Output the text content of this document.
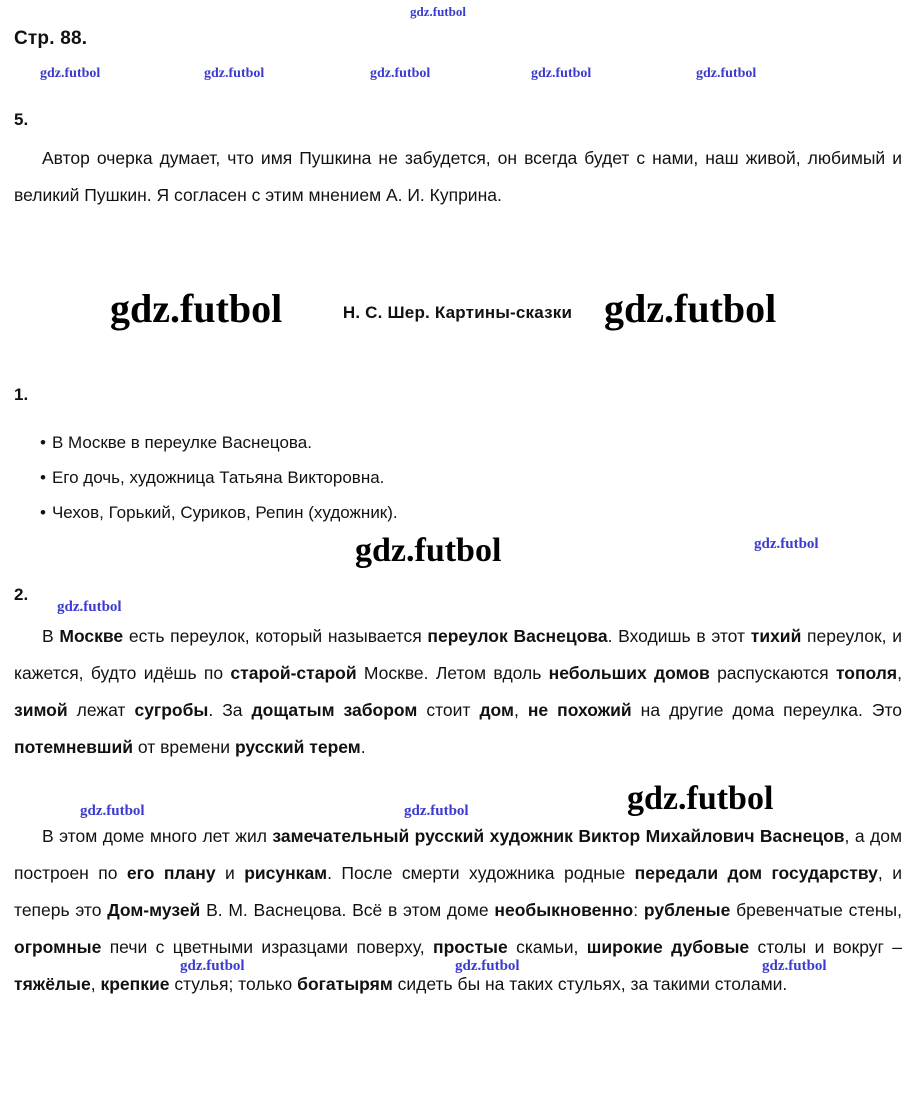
gdz.futbol
Стр. 88.
gdz.futbol	gdz.futbol	gdz.futbol	gdz.futbol	gdz.futbol
5.
Автор очерка думает, что имя Пушкина не забудется, он всегда будет с нами, наш живой, любимый и великий Пушкин. Я согласен с этим мнением А. И. Куприна.
gdz.futbol	gdz.futbol
Н. С. Шер. Картины-сказки
1.
• В Москве в переулке Васнецова.
• Его дочь, художница Татьяна Викторовна.
• Чехов, Горький, Суриков, Репин (художник).
gdz.futbol	gdz.futbol
2.
gdz.futbol
В Москве есть переулок, который называется переулок Васнецова. Входишь в этот тихий переулок, и кажется, будто идёшь по старой-старой Москве. Летом вдоль небольших домов распускаются тополя, зимой лежат сугробы. За дощатым забором стоит дом, не похожий на другие дома переулка. Это потемневший от времени русский терем.
gdz.futbol	gdz.futbol	gdz.futbol
В этом доме много лет жил замечательный русский художник Виктор Михайлович Васнецов, а дом построен по его плану и рисункам. После смерти художника родные передали дом государству, и теперь это Дом-музей В. М. Васнецова. Всё в этом доме необыкновенно: рубленые бревенчатые стены, огромные печи с цветными изразцами поверху, простые скамьи, широкие дубовые столы и вокруг – тяжёлые, крепкие стулья; только богатырям сидеть бы на таких стульях, за такими столами.
gdz.futbol	gdz.futbol	gdz.futbol
